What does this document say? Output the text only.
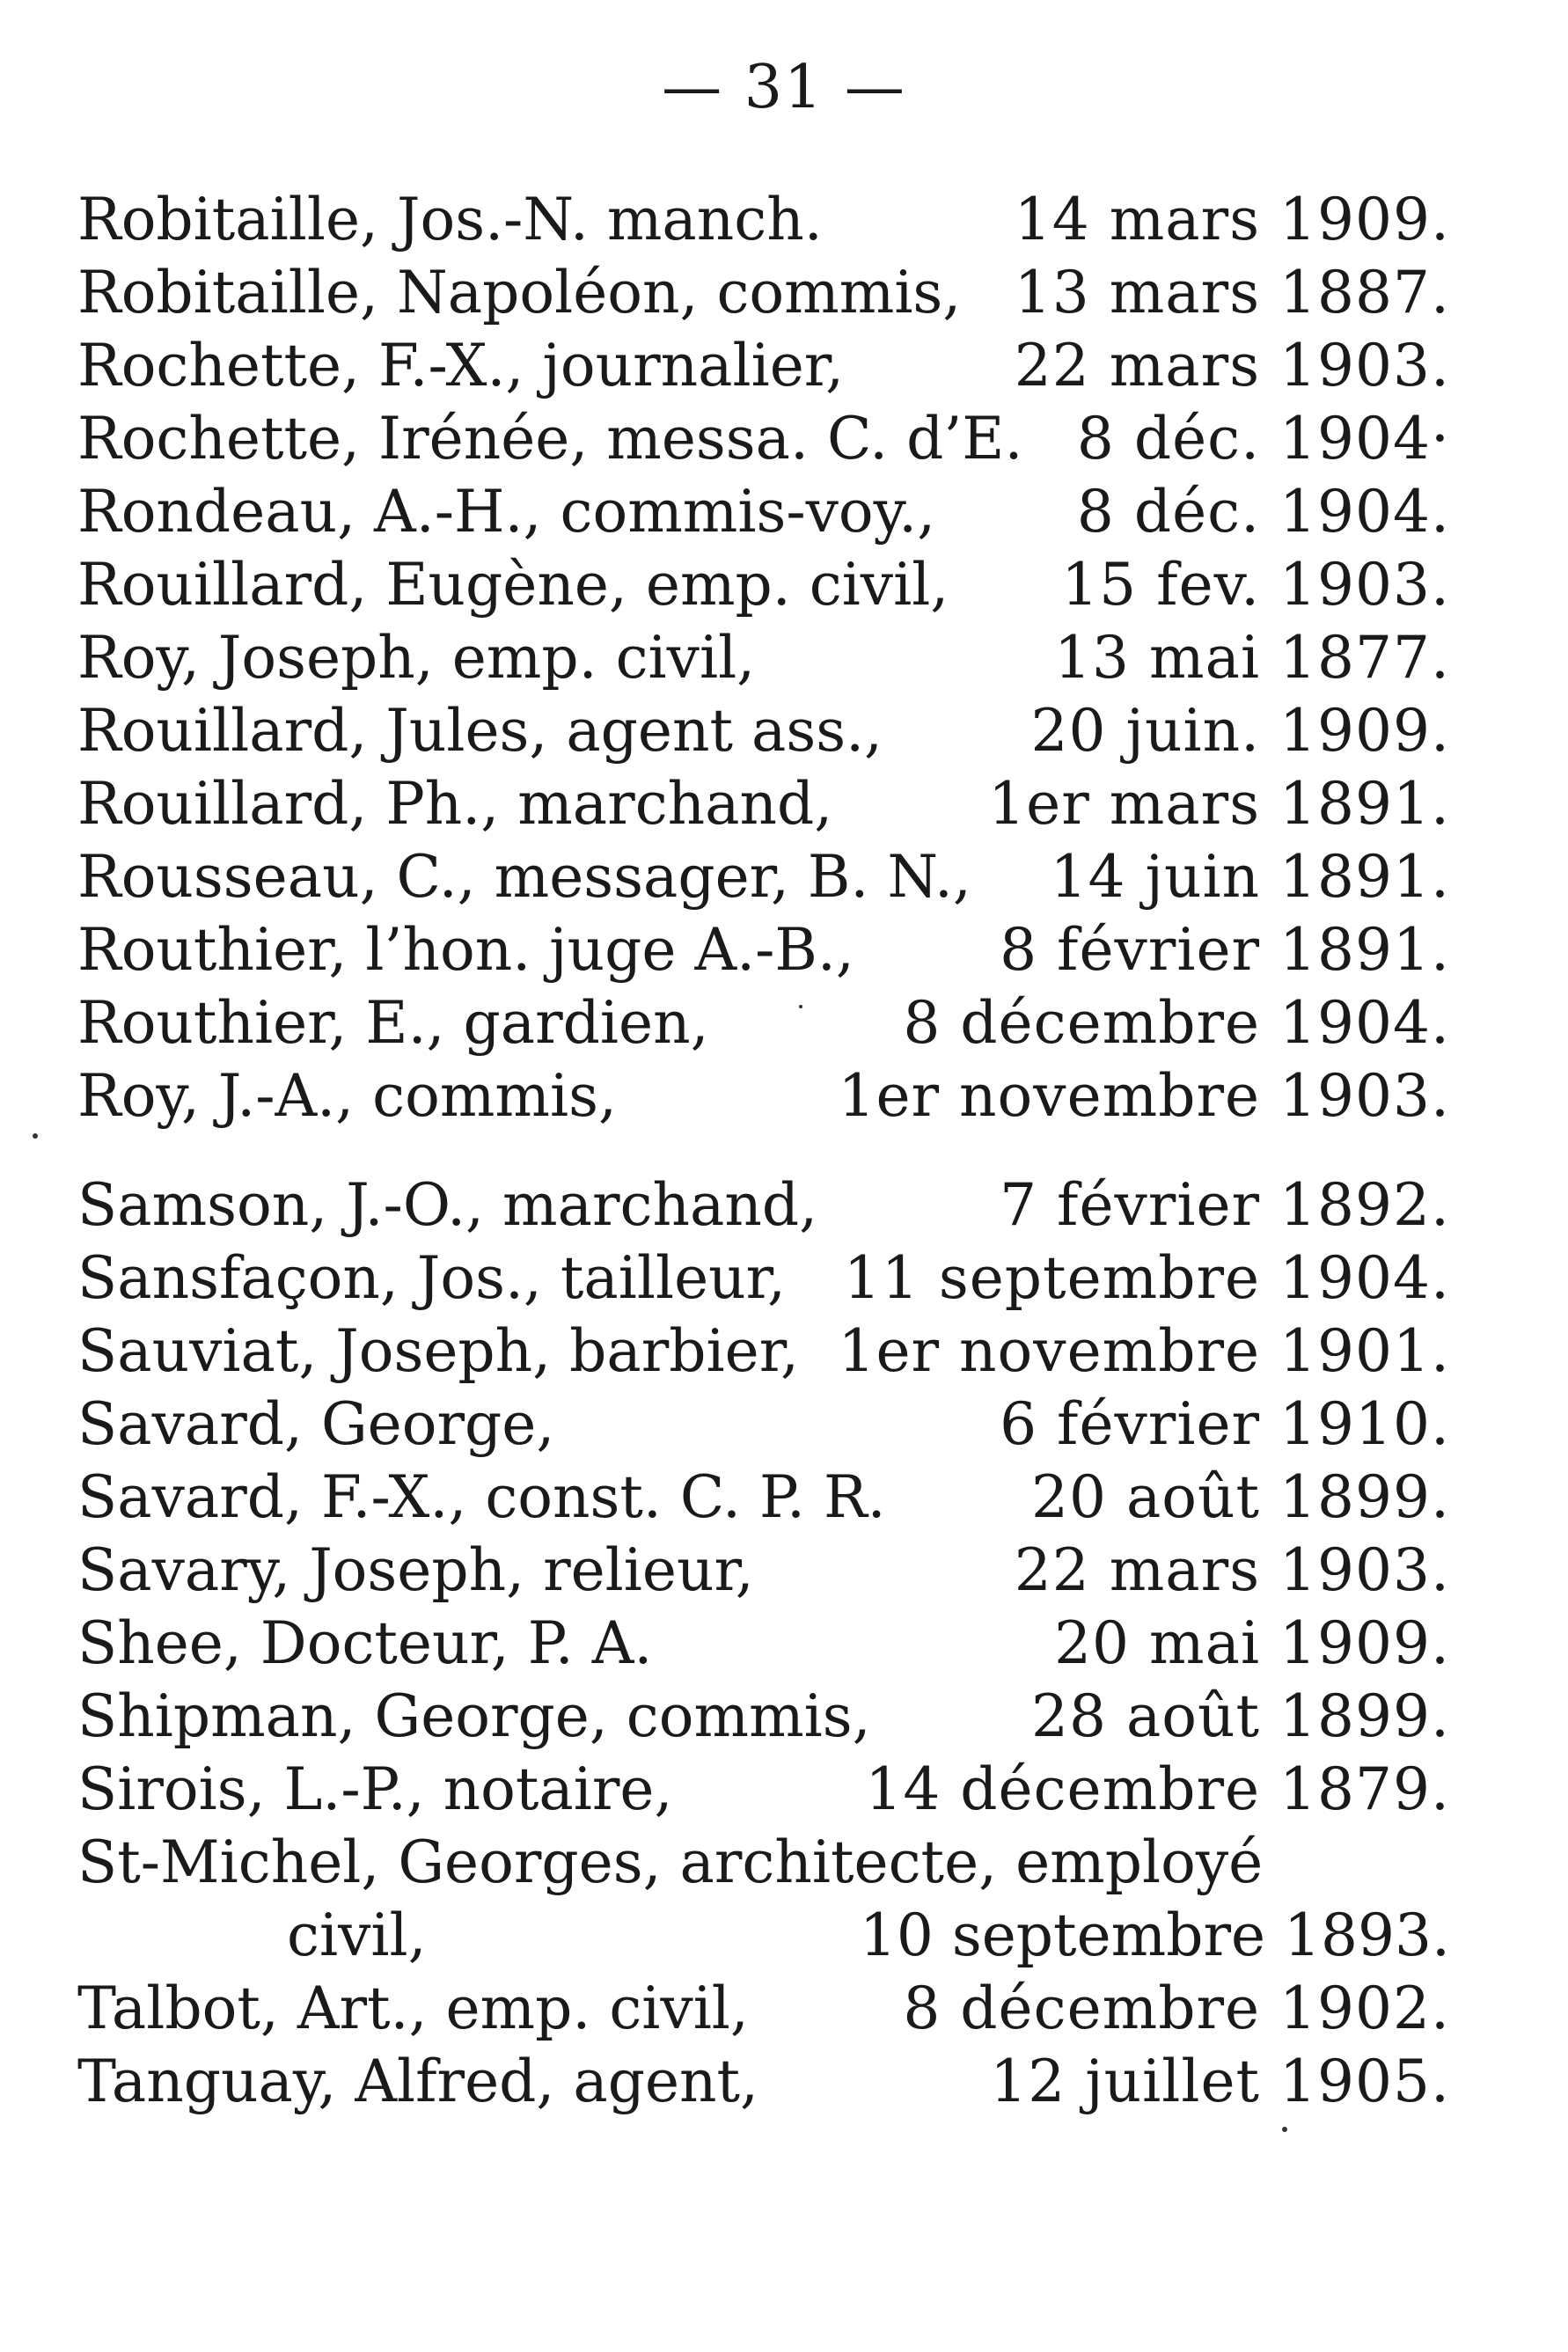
— 31 —
Robitaille, Jos.-N. manch.	14 mars 1909.
Robitaille, Napoléon, commis, 13 mars 1887.
Rochette, F.-X., journalier,	22 mars 1903.
Rochette, Irénée, messa. C. d’E. 8 déc. 1904·
Rondeau, A.-H., commis-voy., 8 déc. 1904.
Rouillard, Eugène, emp. civil, 15 fev. 1903.
Roy, Joseph, emp. civil,	13 mai 1877.
Rouillard, Jules, agent ass.,	20 juin. 1909.
Rouillard, Ph., marchand,	1er mars 1891.
Rousseau, C., messager, B. N., 14 juin 1891.
Routhier, l’hon. juge A.-B.,	8 février 1891.
Routhier, E., gardien,	8 décembre 1904.
Roy, J.-A., commis,	1er novembre 1903.
Samson, J.-O., marchand,	7 février 1892.
Sansfaçon, Jos., tailleur, 11 septembre 1904.
Sauviat, Joseph, barbier, 1er novembre 1901.
Savard, George,	6 février 1910.
Savard, F.-X., const. C. P. R.	20 août 1899.
Savary, Joseph, relieur,	22 mars 1903.
Shee, Docteur, P. A.	20 mai 1909.
Shipman, George, commis,	28 août 1899.
Sirois, L.-P., notaire,	14 décembre 1879.
St-Michel, Georges, architecte, employé
civil,	10 septembre 1893.
Talbot, Art., emp. civil,	8 décembre 1902.
Tanguay, Alfred, agent,	12 juillet 1905.
